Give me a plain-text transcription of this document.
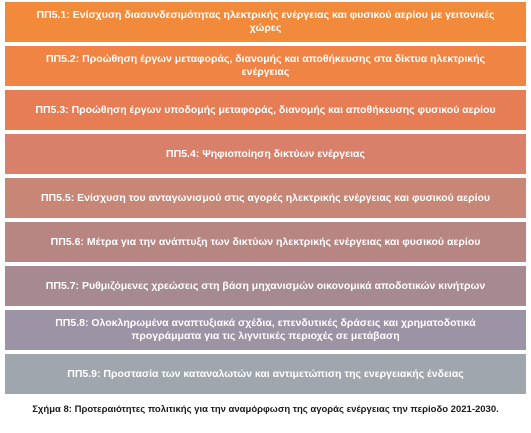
ΠΠ5.1: Ενίσχυση διασυνδεσιμότητας ηλεκτρικής ενέργειας και φυσικού αερίου με γειτονικές χώρες
ΠΠ5.2: Προώθηση έργων μεταφοράς, διανομής και αποθήκευσης στα δίκτυα ηλεκτρικής ενέργειας
ΠΠ5.3: Προώθηση έργων υποδομής μεταφοράς, διανομής και αποθήκευσης φυσικού αερίου
ΠΠ5.4: Ψηφιοποίηση δικτύων ενέργειας
ΠΠ5.5: Ενίσχυση του ανταγωνισμού στις αγορές ηλεκτρικής ενέργειας και φυσικού αερίου
ΠΠ5.6: Μέτρα για την ανάπτυξη των δικτύων ηλεκτρικής ενέργειας και φυσικού αερίου
ΠΠ5.7: Ρυθμιζόμενες χρεώσεις στη βάση μηχανισμών οικονομικά αποδοτικών κινήτρων
ΠΠ5.8: Ολοκληρωμένα αναπτυξιακά σχέδια, επενδυτικές δράσεις και χρηματοδοτικά προγράμματα για τις λιγνιτικές περιοχές σε μετάβαση
ΠΠ5.9: Προστασία των καταναλωτών και αντιμετώπιση της ενεργειακής ένδειας
Σχήμα 8: Προτεραιότητες πολιτικής για την αναμόρφωση της αγοράς ενέργειας την περίοδο 2021-2030.
